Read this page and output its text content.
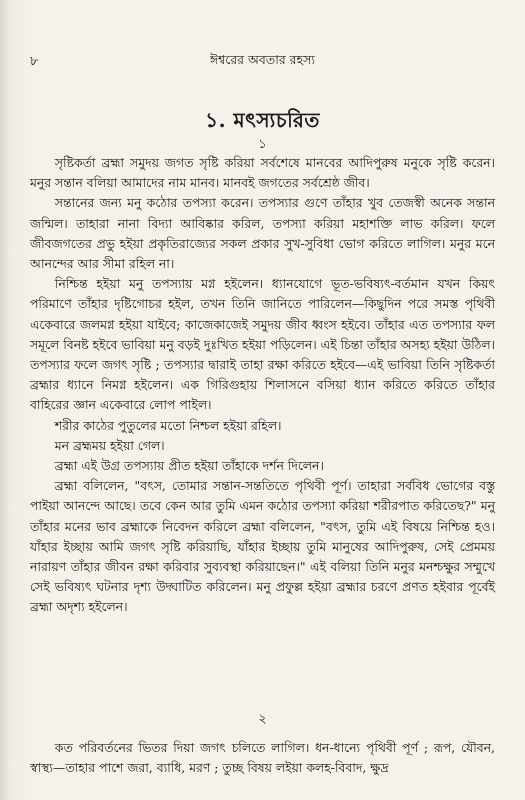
৮	ঈশ্বরের অবতার রহস্য
১. মৎস্যচরিত
১

সৃষ্টিকর্তা ব্রহ্মা সমুদয় জগত সৃষ্টি করিয়া সর্বশেষে মানবের আদিপুরুষ মনুকে সৃষ্টি করেন। মনুর সন্তান বলিয়া আমাদের নাম মানব। মানবই জগতের সর্বশ্রেষ্ঠ জীব।

সন্তানের জন্য মনু কঠোর তপস্যা করেন। তপস্যার গুণে তাঁহার খুব তেজস্বী অনেক সন্তান জন্মিল। তাহারা নানা বিদ্যা আবিষ্কার করিল, তপস্যা করিয়া মহাশক্তি লাভ করিল। ফলে জীবজগতের প্রভু হইয়া প্রকৃতিরাজ্যের সকল প্রকার সুখ-সুবিধা ভোগ করিতে লাগিল। মনুর মনে আনন্দের আর সীমা রহিল না।

নিশ্চিন্ত হইয়া মনু তপস্যায় মগ্ন হইলেন। ধ্যানযোগে ভূত-ভবিষ্যৎ-বর্তমান যখন কিয়ৎ পরিমাণে তাঁহার দৃষ্টিগোচর হইল, তখন তিনি জানিতে পারিলেন—কিছুদিন পরে সমস্ত পৃথিবী একেবারে জলমগ্ন হইয়া যাইবে; কাজেকাজেই সমুদয় জীব ধ্বংস হইবে। তাঁহার এত তপস্যার ফল সমূলে বিনষ্ট হইবে ভাবিয়া মনু বড়ই দুঃখিত হইয়া পড়িলেন। এই চিন্তা তাঁহার অসহ্য হইয়া উঠিল। তপস্যার ফলে জগৎ সৃষ্টি ; তপস্যার দ্বারাই তাহা রক্ষা করিতে হইবে—এই ভাবিয়া তিনি সৃষ্টিকর্তা ব্রহ্মার ধ্যানে নিমগ্ন হইলেন। এক গিরিগুহায় শিলাসনে বসিয়া ধ্যান করিতে করিতে তাঁহার বাহিরের জ্ঞান একেবারে লোপ পাইল।

শরীর কাঠের পুতুলের মতো নিশ্চল হইয়া রহিল।

মন ব্রহ্মময় হইয়া গেল।

ব্রহ্মা এই উগ্র তপস্যায় প্রীত হইয়া তাঁহাকে দর্শন দিলেন।

ব্রহ্মা বলিলেন, "বৎস, তোমার সন্তান-সন্ততিতে পৃথিবী পূর্ণ। তাহারা সর্ববিধ ভোগের বস্তু পাইয়া আনন্দে আছে। তবে কেন আর তুমি এমন কঠোর তপস্যা করিয়া শরীরপাত করিতেছ?" মনু তাঁহার মনের ভাব ব্রহ্মাকে নিবেদন করিলে ব্রহ্মা বলিলেন, "বৎস, তুমি এই বিষয়ে নিশ্চিন্ত হও। যাঁহার ইচ্ছায় আমি জগৎ সৃষ্টি করিয়াছি, যাঁহার ইচ্ছায় তুমি মানুষের আদিপুরুষ, সেই প্রেমময় নারায়ণ তাঁহার জীবন রক্ষা করিবার সুব্যবস্থা করিয়াছেন।" এই বলিয়া তিনি মনুর মনশ্চক্ষুর সম্মুখে সেই ভবিষ্যৎ ঘটনার দৃশ্য উদ্ঘাটিত করিলেন। মনু প্রফুল্ল হইয়া ব্রহ্মার চরণে প্রণত হইবার পূর্বেই ব্রহ্মা অদৃশ্য হইলেন।

২

কত পরিবর্তনের ভিতর দিয়া জগৎ চলিতে লাগিল। ধন-ধান্যে পৃথিবী পূর্ণ ; রূপ, যৌবন, স্বাস্থ্য—তাহার পাশে জরা, ব্যাধি, মরণ ; তুচ্ছ বিষয় লইয়া কলহ-বিবাদ, ক্ষুদ্র
